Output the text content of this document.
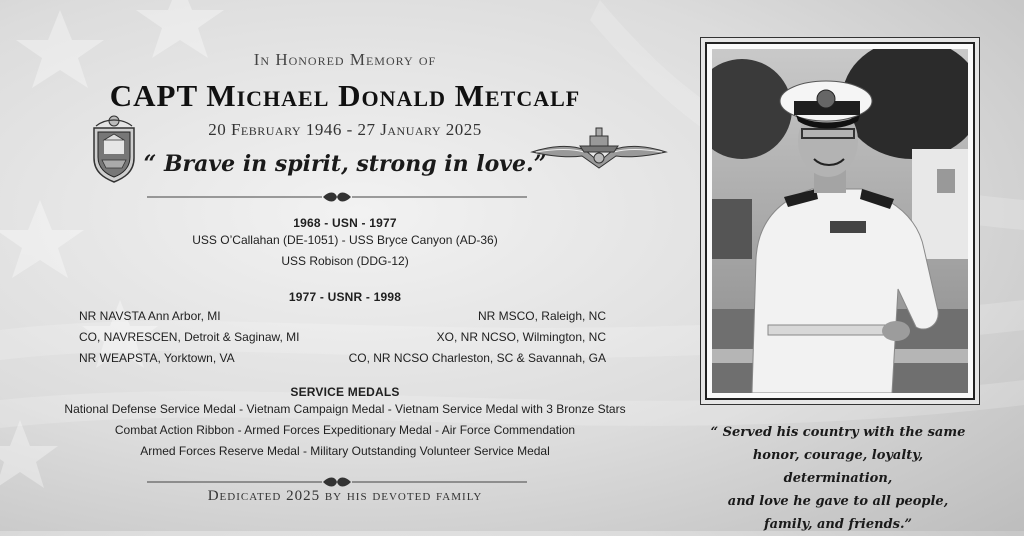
In Honored Memory of
CAPT Michael Donald Metcalf
20 February 1946 - 27 January 2025
“ Brave in spirit, strong in love.”
1968 - USN - 1977
USS O’Callahan (DE-1051) - USS Bryce Canyon (AD-36)
USS Robison (DDG-12)
1977 - USNR - 1998
NR NAVSTA Ann Arbor, MI
CO, NAVRESCEN, Detroit & Saginaw, MI
NR WEAPSTA, Yorktown, VA
NR MSCO, Raleigh, NC
XO, NR NCSO, Wilmington, NC
CO, NR NCSO Charleston, SC & Savannah, GA
SERVICE MEDALS
National Defense Service Medal - Vietnam Campaign Medal - Vietnam Service Medal with 3 Bronze Stars
Combat Action Ribbon - Armed Forces Expeditionary Medal - Air Force Commendation
Armed Forces Reserve Medal - Military Outstanding Volunteer Service Medal
Dedicated 2025 by his devoted family
“ Served his country with the same
honor, courage, loyalty, determination,
and love he gave to all people,
family, and friends.”
